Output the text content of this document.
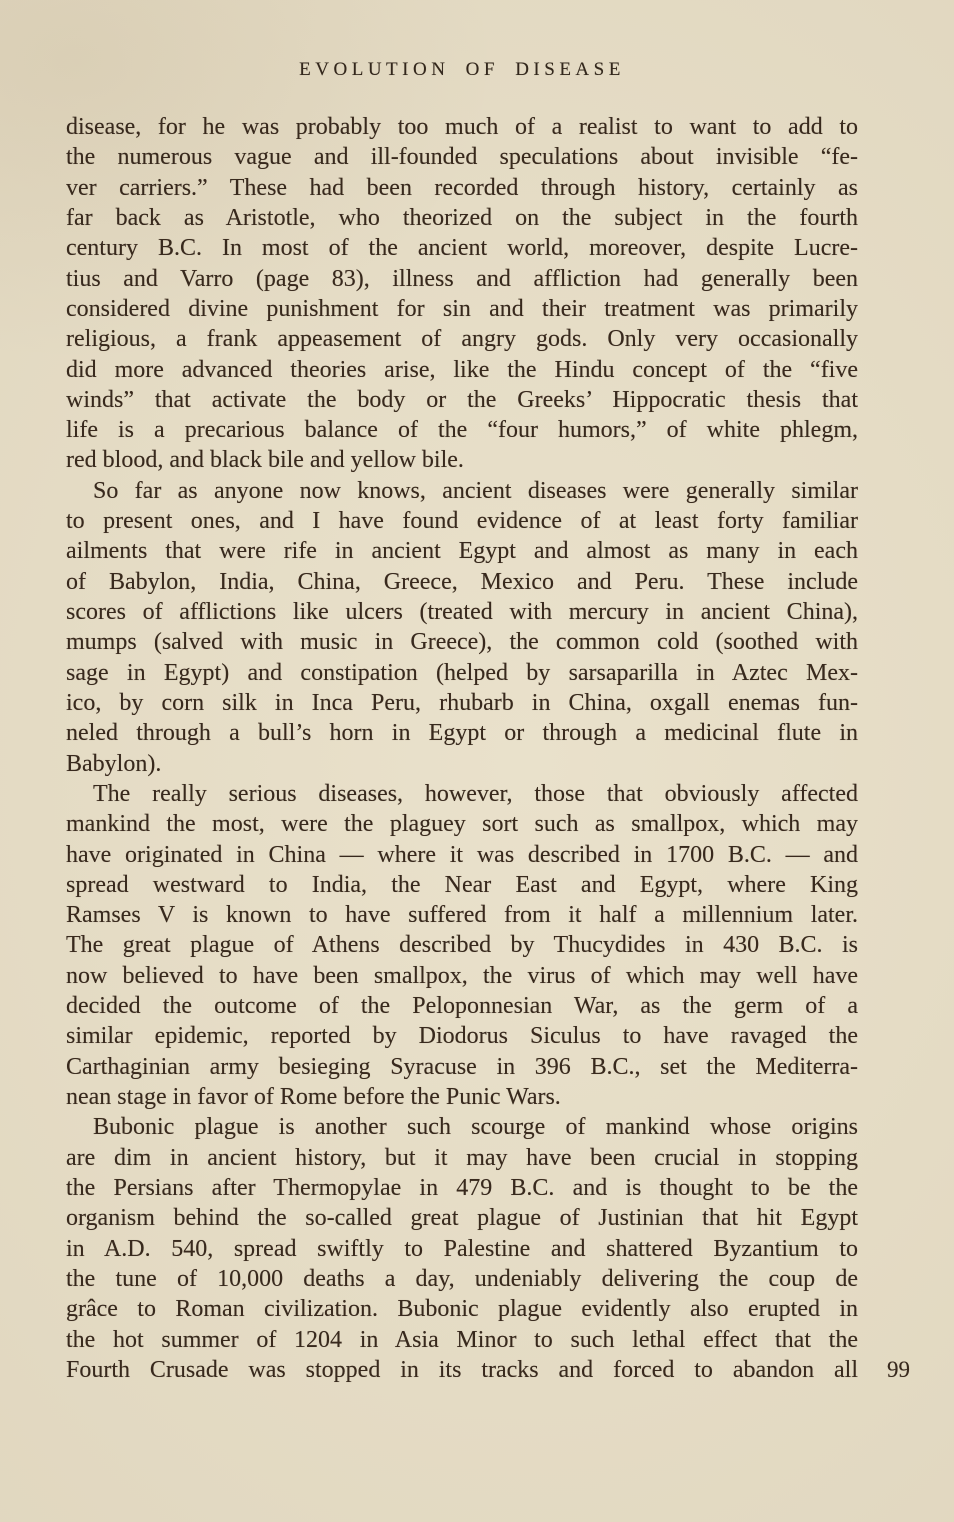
EVOLUTION OF DISEASE
disease, for he was probably too much of a realist to want to add to
the numerous vague and ill-founded speculations about invisible “fe-
ver carriers.” These had been recorded through history, certainly as
far back as Aristotle, who theorized on the subject in the fourth
century B.C. In most of the ancient world, moreover, despite Lucre-
tius and Varro (page 83), illness and affliction had generally been
considered divine punishment for sin and their treatment was primarily
religious, a frank appeasement of angry gods. Only very occasionally
did more advanced theories arise, like the Hindu concept of the “five
winds” that activate the body or the Greeks’ Hippocratic thesis that
life is a precarious balance of the “four humors,” of white phlegm,
red blood, and black bile and yellow bile.
So far as anyone now knows, ancient diseases were generally similar
to present ones, and I have found evidence of at least forty familiar
ailments that were rife in ancient Egypt and almost as many in each
of Babylon, India, China, Greece, Mexico and Peru. These include
scores of afflictions like ulcers (treated with mercury in ancient China),
mumps (salved with music in Greece), the common cold (soothed with
sage in Egypt) and constipation (helped by sarsaparilla in Aztec Mex-
ico, by corn silk in Inca Peru, rhubarb in China, oxgall enemas fun-
neled through a bull’s horn in Egypt or through a medicinal flute in
Babylon).
The really serious diseases, however, those that obviously affected
mankind the most, were the plaguey sort such as smallpox, which may
have originated in China — where it was described in 1700 B.C. — and
spread westward to India, the Near East and Egypt, where King
Ramses V is known to have suffered from it half a millennium later.
The great plague of Athens described by Thucydides in 430 B.C. is
now believed to have been smallpox, the virus of which may well have
decided the outcome of the Peloponnesian War, as the germ of a
similar epidemic, reported by Diodorus Siculus to have ravaged the
Carthaginian army besieging Syracuse in 396 B.C., set the Mediterra-
nean stage in favor of Rome before the Punic Wars.
Bubonic plague is another such scourge of mankind whose origins
are dim in ancient history, but it may have been crucial in stopping
the Persians after Thermopylae in 479 B.C. and is thought to be the
organism behind the so-called great plague of Justinian that hit Egypt
in A.D. 540, spread swiftly to Palestine and shattered Byzantium to
the tune of 10,000 deaths a day, undeniably delivering the coup de
grâce to Roman civilization. Bubonic plague evidently also erupted in
the hot summer of 1204 in Asia Minor to such lethal effect that the
Fourth Crusade was stopped in its tracks and forced to abandon all 99
